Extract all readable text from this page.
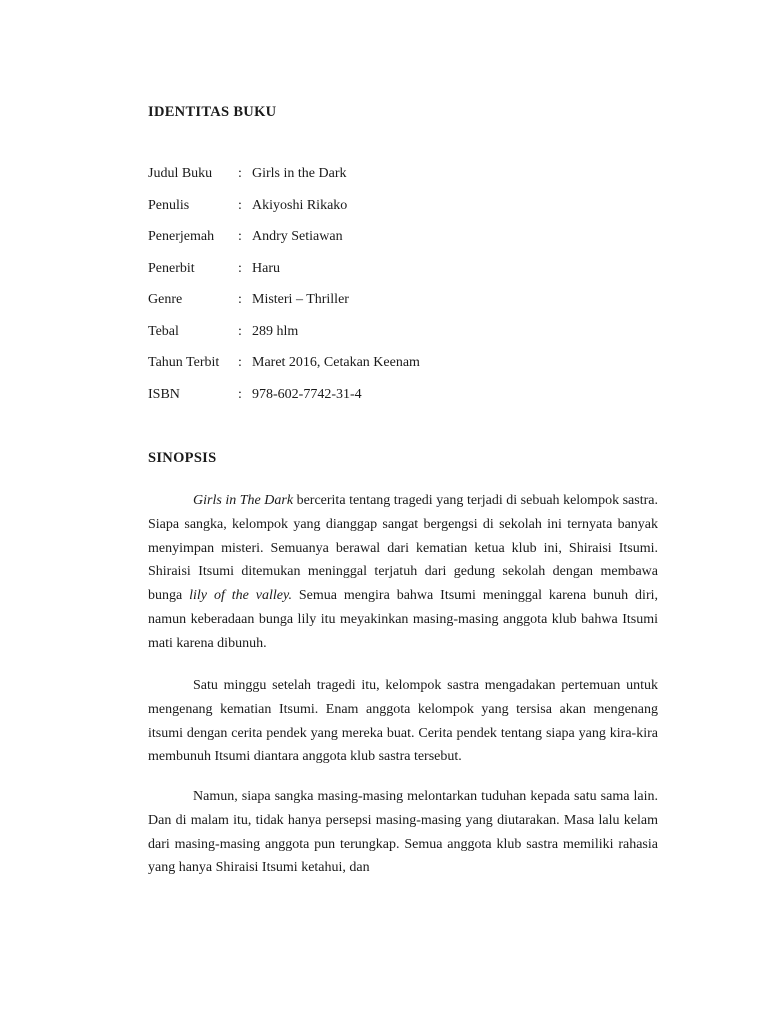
IDENTITAS BUKU
Judul Buku	: Girls in the Dark
Penulis	: Akiyoshi Rikako
Penerjemah	: Andry Setiawan
Penerbit	: Haru
Genre	: Misteri – Thriller
Tebal	: 289 hlm
Tahun Terbit	: Maret 2016, Cetakan Keenam
ISBN	: 978-602-7742-31-4
SINOPSIS

Girls in The Dark bercerita tentang tragedi yang terjadi di sebuah kelompok sastra. Siapa sangka, kelompok yang dianggap sangat bergengsi di sekolah ini ternyata banyak menyimpan misteri. Semuanya berawal dari kematian ketua klub ini, Shiraisi Itsumi. Shiraisi Itsumi ditemukan meninggal terjatuh dari gedung sekolah dengan membawa bunga lily of the valley. Semua mengira bahwa Itsumi meninggal karena bunuh diri, namun keberadaan bunga lily itu meyakinkan masing-masing anggota klub bahwa Itsumi mati karena dibunuh.

Satu minggu setelah tragedi itu, kelompok sastra mengadakan pertemuan untuk mengenang kematian Itsumi. Enam anggota kelompok yang tersisa akan mengenang itsumi dengan cerita pendek yang mereka buat. Cerita pendek tentang siapa yang kira-kira membunuh Itsumi diantara anggota klub sastra tersebut.

Namun, siapa sangka masing-masing melontarkan tuduhan kepada satu sama lain. Dan di malam itu, tidak hanya persepsi masing-masing yang diutarakan. Masa lalu kelam dari masing-masing anggota pun terungkap. Semua anggota klub sastra memiliki rahasia yang hanya Shiraisi Itsumi ketahui, dan
